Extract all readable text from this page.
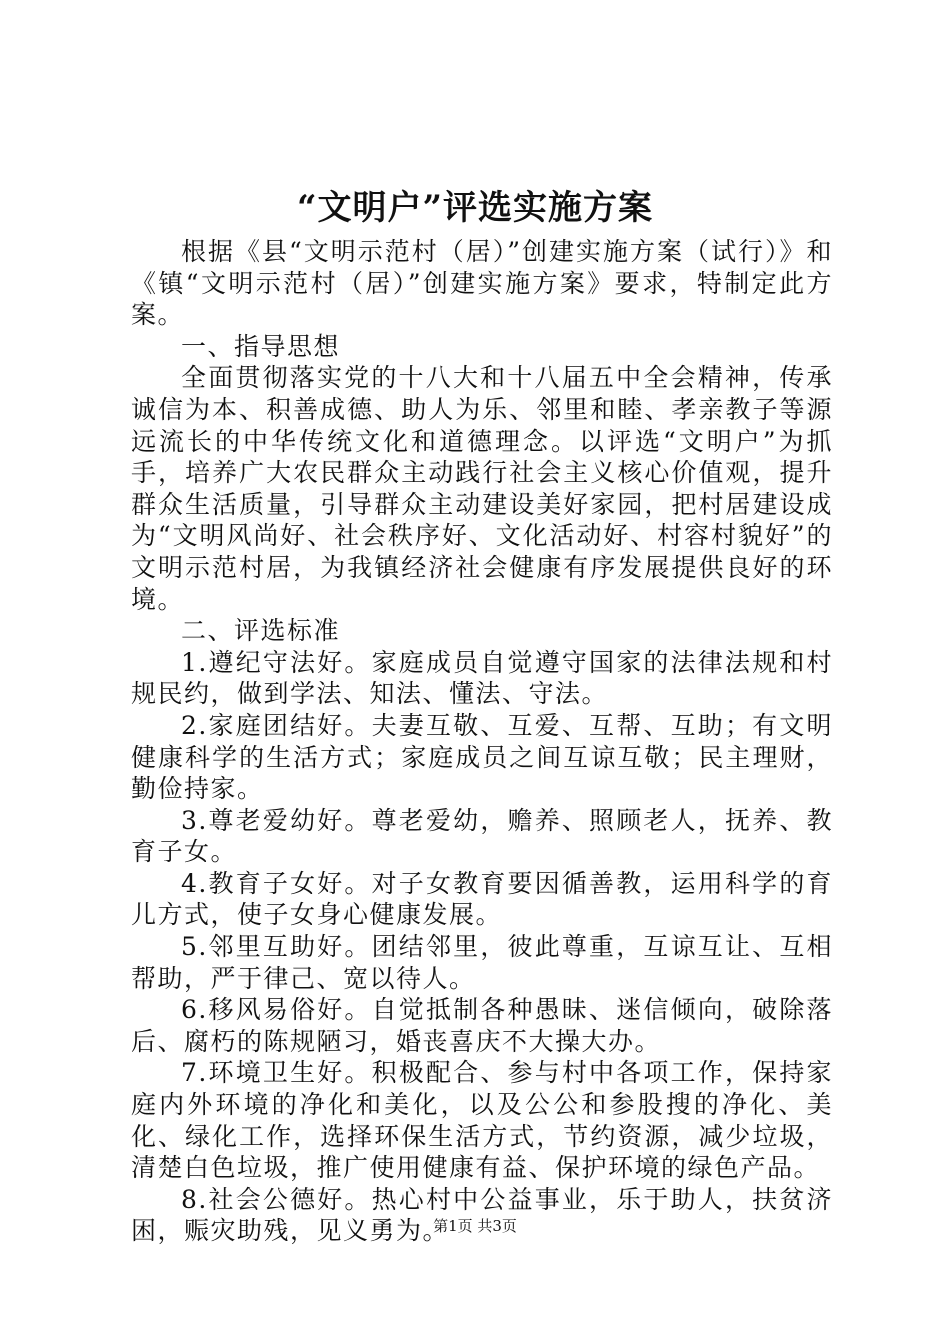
“文明户”评选实施方案

根据《县“文明示范村（居）”创建实施方案（试行）》和《镇“文明示范村（居）”创建实施方案》要求，特制定此方案。

一、指导思想

全面贯彻落实党的十八大和十八届五中全会精神，传承诚信为本、积善成德、助人为乐、邻里和睦、孝亲教子等源远流长的中华传统文化和道德理念。以评选“文明户”为抓手，培养广大农民群众主动践行社会主义核心价值观，提升群众生活质量，引导群众主动建设美好家园，把村居建设成为“文明风尚好、社会秩序好、文化活动好、村容村貌好”的文明示范村居，为我镇经济社会健康有序发展提供良好的环境。

二、评选标准

1.遵纪守法好。家庭成员自觉遵守国家的法律法规和村规民约，做到学法、知法、懂法、守法。

2.家庭团结好。夫妻互敬、互爱、互帮、互助；有文明健康科学的生活方式；家庭成员之间互谅互敬；民主理财，勤俭持家。

3.尊老爱幼好。尊老爱幼，赡养、照顾老人，抚养、教育子女。

4.教育子女好。对子女教育要因循善教，运用科学的育儿方式，使子女身心健康发展。

5.邻里互助好。团结邻里，彼此尊重，互谅互让、互相帮助，严于律己、宽以待人。

6.移风易俗好。自觉抵制各种愚昧、迷信倾向，破除落后、腐朽的陈规陋习，婚丧喜庆不大操大办。

7.环境卫生好。积极配合、参与村中各项工作，保持家庭内外环境的净化和美化，以及公公和参股搜的净化、美化、绿化工作，选择环保生活方式，节约资源，减少垃圾，清楚白色垃圾，推广使用健康有益、保护环境的绿色产品。

8.社会公德好。热心村中公益事业，乐于助人，扶贫济困，赈灾助残，见义勇为。

第1页 共3页
